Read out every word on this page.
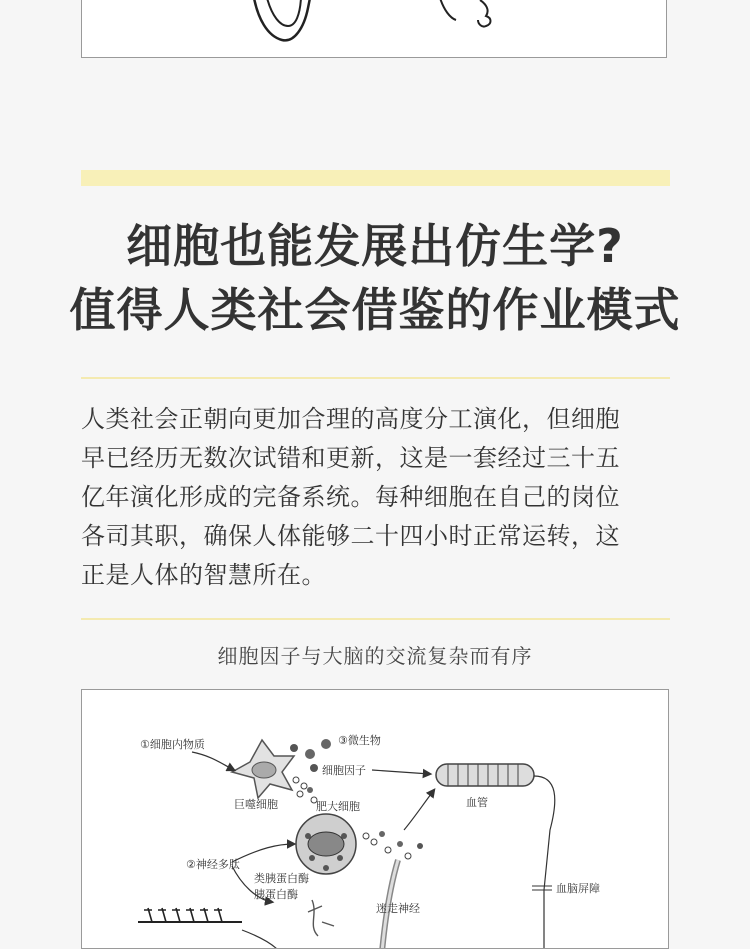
细胞也能发展出仿生学?
值得人类社会借鉴的作业模式

人类社会正朝向更加合理的高度分工演化，但细胞
早已经历无数次试错和更新，这是一套经过三十五
亿年演化形成的完备系统。每种细胞在自己的岗位
各司其职，确保人体能够二十四小时正常运转，这
正是人体的智慧所在。

细胞因子与大脑的交流复杂而有序
①细胞内物质	③微生物
细胞因子
巨噬细胞	肥大细胞	血管
②神经多肽
类胰蛋白酶
胰蛋白酶
迷走神经
血脑屏障
